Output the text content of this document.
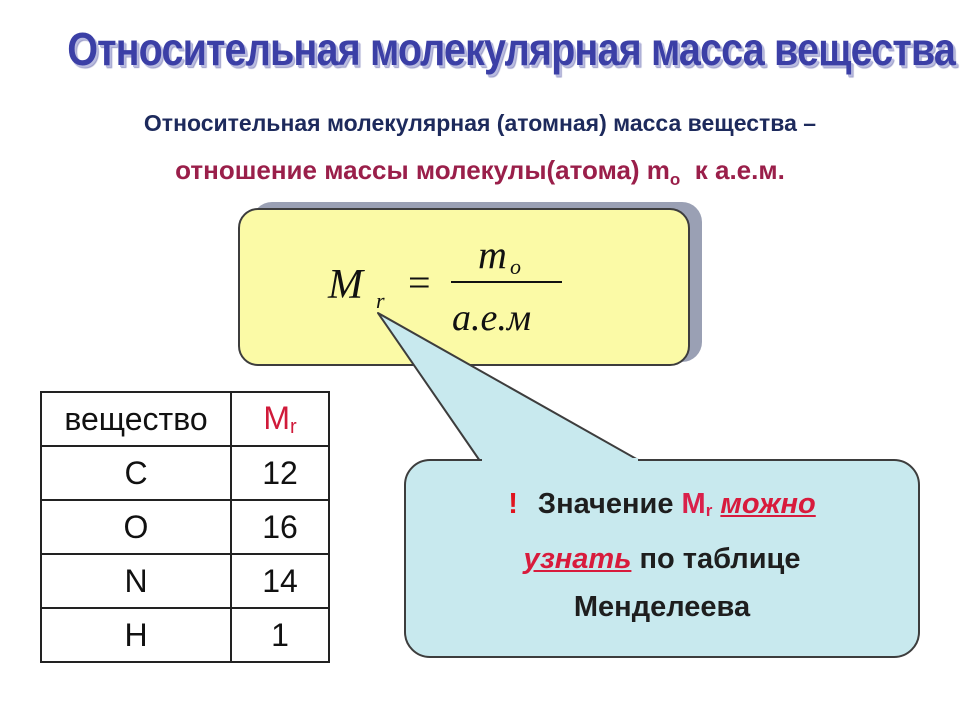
Относительная молекулярная масса вещества
Относительная молекулярная (атомная) масса вещества –
отношение массы молекулы(атома) $m_o$ к а.е.м.
M r =
m o
а.е.м
! Значение $M_r$ можно
узнать по таблице
Менделеева
вещество	$M_r$
C	12
O	16
N	14
H	1
